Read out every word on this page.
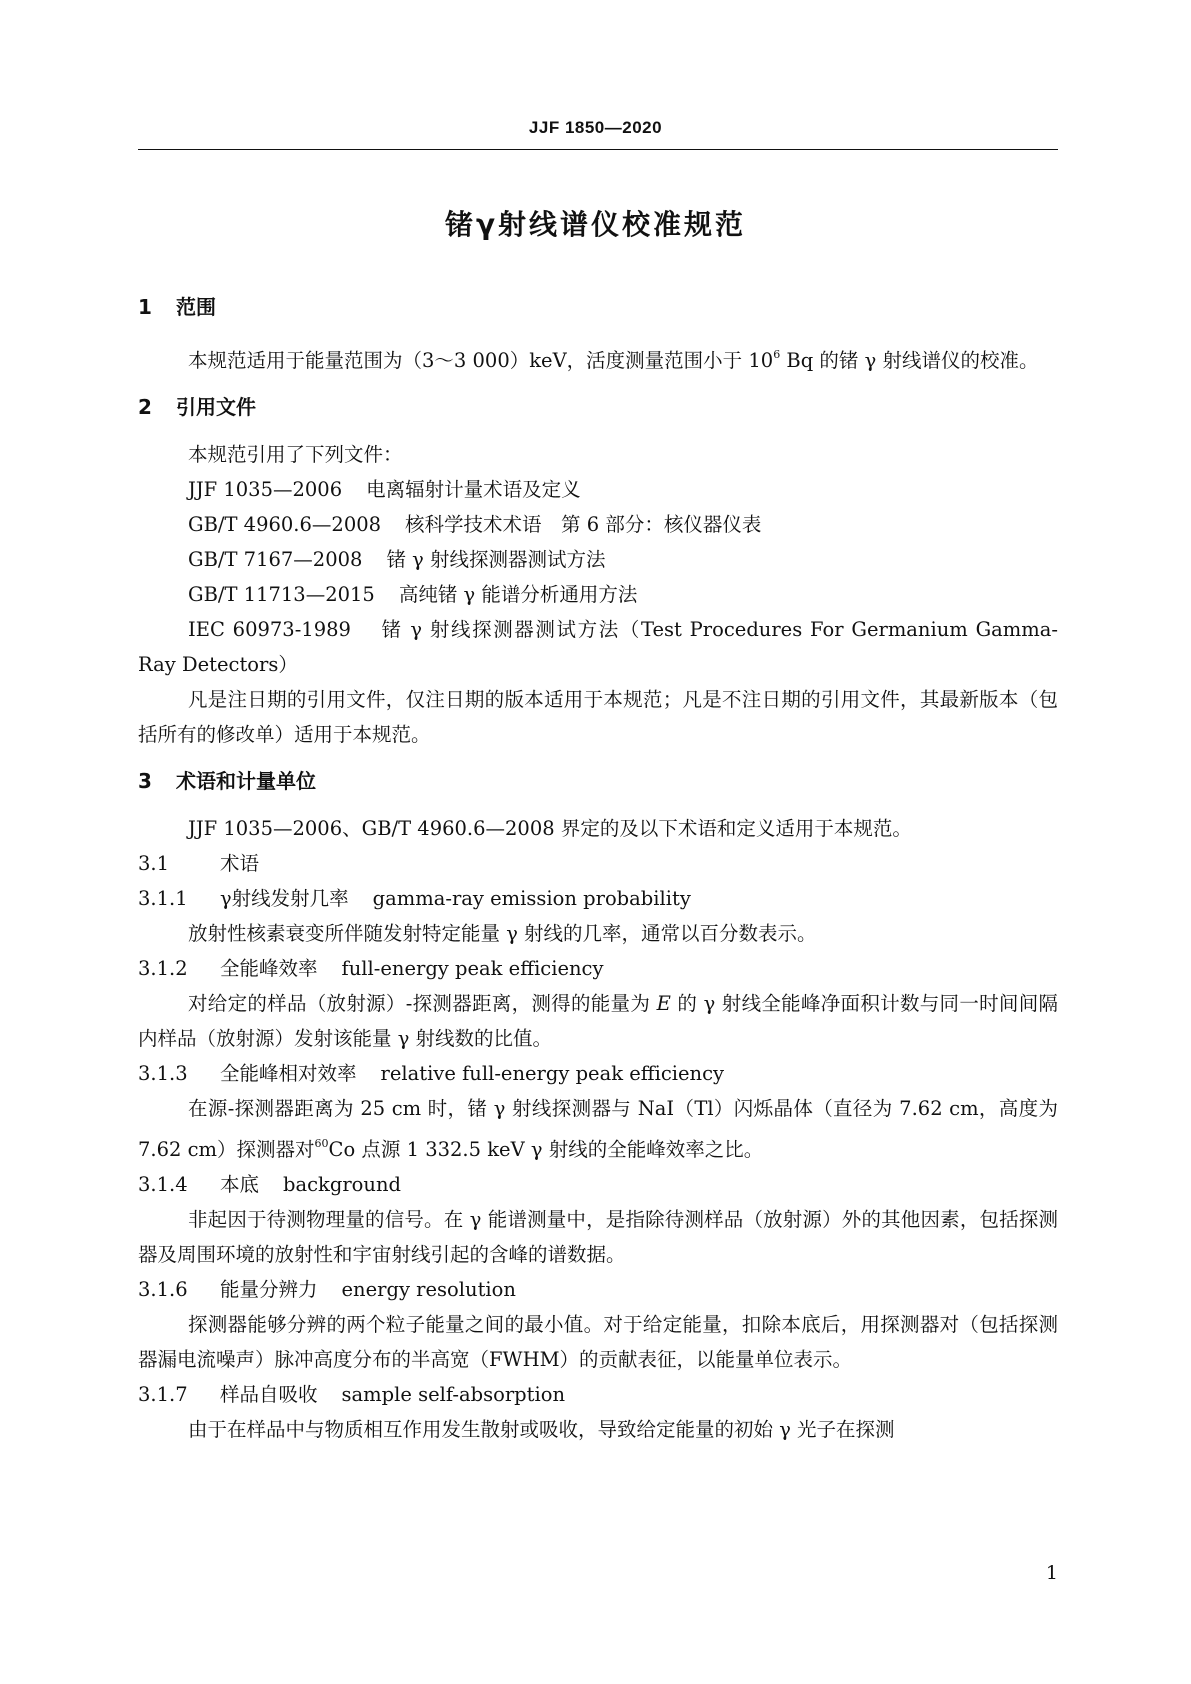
JJF 1850—2020
锗γ射线谱仪校准规范
1 范围

本规范适用于能量范围为（3～3 000）keV，活度测量范围小于 $10^6$ Bq 的锗 γ 射线谱仪的校准。

2 引用文件

本规范引用了下列文件：

JJF 1035—2006 电离辐射计量术语及定义

GB/T 4960.6—2008 核科学技术术语　第 6 部分：核仪器仪表

GB/T 7167—2008 锗 γ 射线探测器测试方法

GB/T 11713—2015 高纯锗 γ 能谱分析通用方法

IEC 60973-1989　 锗 γ 射线探测器测试方法（Test Procedures For Germanium Gamma-Ray Detectors）

凡是注日期的引用文件，仅注日期的版本适用于本规范；凡是不注日期的引用文件，其最新版本（包括所有的修改单）适用于本规范。

3 术语和计量单位

JJF 1035—2006、GB/T 4960.6—2008 界定的及以下术语和定义适用于本规范。

3.1	术语

3.1.1 γ射线发射几率 gamma-ray emission probability

放射性核素衰变所伴随发射特定能量 γ 射线的几率，通常以百分数表示。

3.1.2 全能峰效率 full-energy peak efficiency

对给定的样品（放射源）-探测器距离，测得的能量为 E 的 γ 射线全能峰净面积计数与同一时间间隔内样品（放射源）发射该能量 γ 射线数的比值。

3.1.3 全能峰相对效率 relative full-energy peak efficiency

在源-探测器距离为 25 cm 时，锗 γ 射线探测器与 NaI（Tl）闪烁晶体（直径为 7.62 cm，高度为 7.62 cm）探测器对$^{60}$Co 点源 1 332.5 keV γ 射线的全能峰效率之比。

3.1.4 本底 background

非起因于待测物理量的信号。在 γ 能谱测量中，是指除待测样品（放射源）外的其他因素，包括探测器及周围环境的放射性和宇宙射线引起的含峰的谱数据。

3.1.6 能量分辨力 energy resolution

探测器能够分辨的两个粒子能量之间的最小值。对于给定能量，扣除本底后，用探测器对（包括探测器漏电流噪声）脉冲高度分布的半高宽（FWHM）的贡献表征，以能量单位表示。

3.1.7 样品自吸收 sample self-absorption

由于在样品中与物质相互作用发生散射或吸收，导致给定能量的初始 γ 光子在探测

1
